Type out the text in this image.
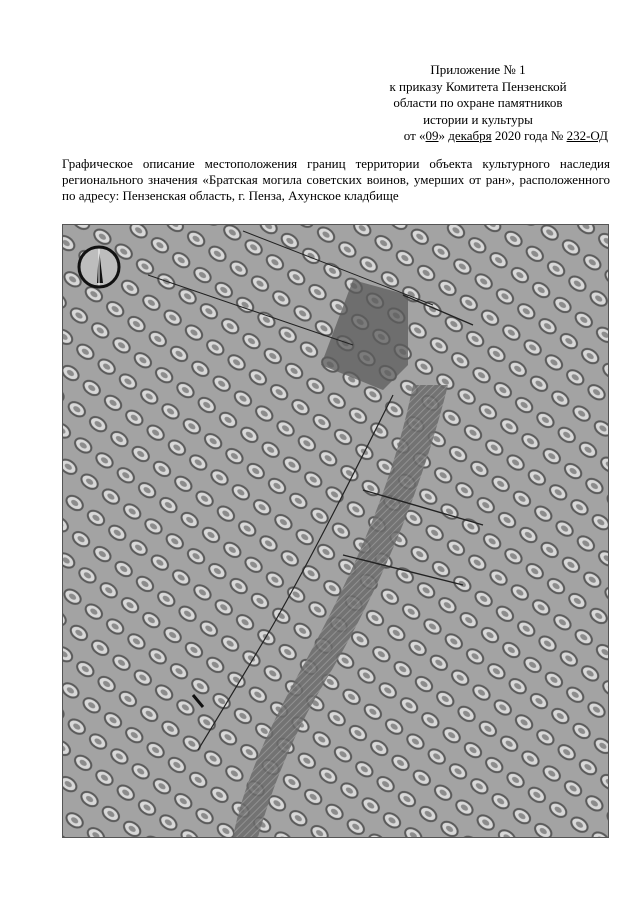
Приложение № 1
к приказу Комитета Пензенской
области по охране памятников
истории и культуры
от «09» декабря 2020 года № 232-ОД
Графическое описание местоположения границ территории объекта культурного наследия регионального значения «Братская могила советских воинов, умерших от ран», расположенного по адресу: Пензенская область, г. Пенза, Ахунское кладбище
